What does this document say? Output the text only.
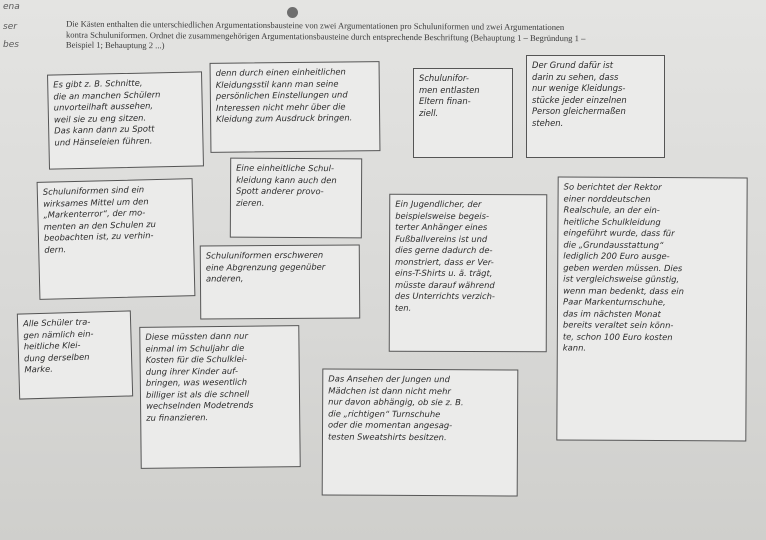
ena
ser
bes
Die Kästen enthalten die unterschiedlichen Argumentationsbausteine von zwei Argumentationen pro Schuluniformen und zwei Argumentationen
kontra Schuluniformen. Ordnet die zusammengehörigen Argumentationsbausteine durch entsprechende Beschriftung (Behauptung 1 – Begründung 1 –
Beispiel 1; Behauptung 2 ...)
Es gibt z. B. Schnitte,
die an manchen Schülern
unvorteilhaft aussehen,
weil sie zu eng sitzen.
Das kann dann zu Spott
und Hänseleien führen.
denn durch einen einheitlichen
Kleidungsstil kann man seine
persönlichen Einstellungen und
Interessen nicht mehr über die
Kleidung zum Ausdruck bringen.
Schulunifor-
men entlasten
Eltern finan-
ziell.
Der Grund dafür ist
darin zu sehen, dass
nur wenige Kleidungs-
stücke jeder einzelnen
Person gleichermaßen
stehen.
Eine einheitliche Schul-
kleidung kann auch den
Spott anderer provo-
zieren.
Schuluniformen sind ein
wirksames Mittel um den
„Markenterror“, der mo-
menten an den Schulen zu
beobachten ist, zu verhin-
dern.
Schuluniformen erschweren
eine Abgrenzung gegenüber
anderen,
Ein Jugendlicher, der
beispielsweise begeis-
terter Anhänger eines
Fußballvereins ist und
dies gerne dadurch de-
monstriert, dass er Ver-
eins-T-Shirts u. ä. trägt,
müsste darauf während
des Unterrichts verzich-
ten.
So berichtet der Rektor
einer norddeutschen
Realschule, an der ein-
heitliche Schulkleidung
eingeführt wurde, dass für
die „Grundausstattung“
lediglich 200 Euro ausge-
geben werden müssen. Dies
ist vergleichsweise günstig,
wenn man bedenkt, dass ein
Paar Markenturnschuhe,
das im nächsten Monat
bereits veraltet sein könn-
te, schon 100 Euro kosten
kann.
Alle Schüler tra-
gen nämlich ein-
heitliche Klei-
dung derselben
Marke.
Diese müssten dann nur
einmal im Schuljahr die
Kosten für die Schulklei-
dung ihrer Kinder auf-
bringen, was wesentlich
billiger ist als die schnell
wechselnden Modetrends
zu finanzieren.
Das Ansehen der Jungen und
Mädchen ist dann nicht mehr
nur davon abhängig, ob sie z. B.
die „richtigen“ Turnschuhe
oder die momentan angesag-
testen Sweatshirts besitzen.
